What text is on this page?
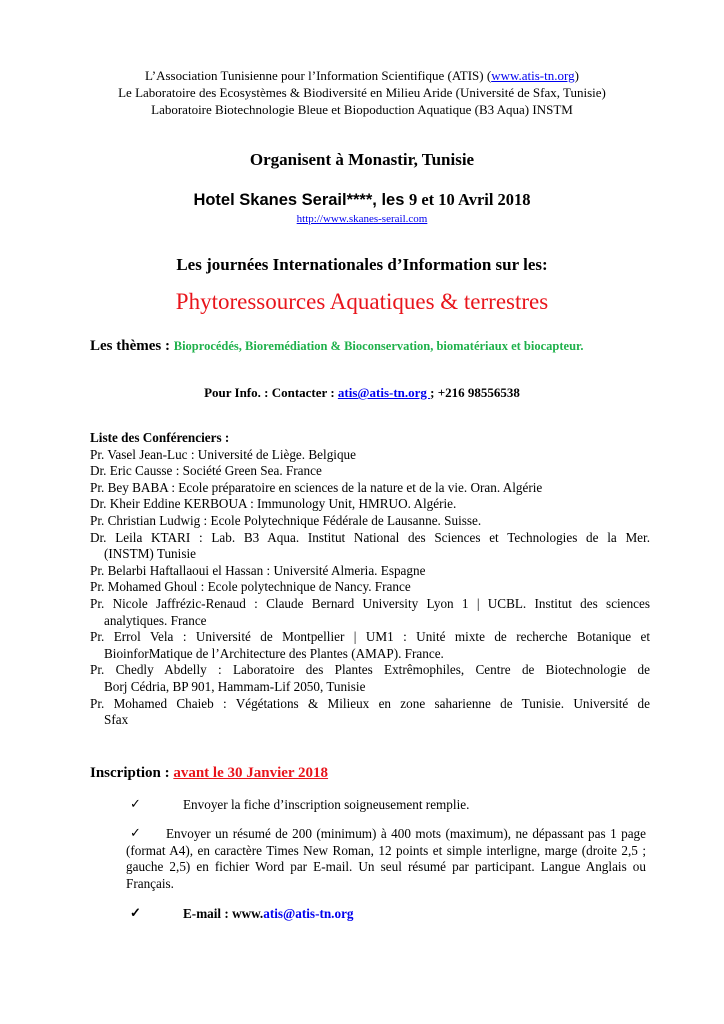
L’Association Tunisienne pour l’Information Scientifique (ATIS) (www.atis-tn.org)
Le Laboratoire des Ecosystèmes & Biodiversité en Milieu Aride (Université de Sfax, Tunisie)
Laboratoire Biotechnologie Bleue et Biopoduction Aquatique (B3 Aqua) INSTM
Organisent à Monastir, Tunisie
Hotel Skanes Serail****, les 9 et 10 Avril 2018
http://www.skanes-serail.com
Les journées Internationales d’Information sur les:
Phytoressources Aquatiques & terrestres
Les thèmes : Bioprocédés, Bioremédiation & Bioconservation, biomatériaux et biocapteur.
Pour Info. : Contacter : atis@atis-tn.org ; +216 98556538
Liste des Conférenciers :
Pr. Vasel Jean-Luc : Université de Liège. Belgique
Dr. Eric Causse : Société Green Sea. France
Pr. Bey BABA : Ecole préparatoire en sciences de la nature et de la vie. Oran. Algérie
Dr. Kheir Eddine KERBOUA : Immunology Unit, HMRUO. Algérie.
Pr. Christian Ludwig : Ecole Polytechnique Fédérale de Lausanne. Suisse.
Dr. Leila KTARI : Lab. B3 Aqua. Institut National des Sciences et Technologies de la Mer.
(INSTM) Tunisie
Pr. Belarbi Haftallaoui el Hassan : Université Almeria. Espagne
Pr. Mohamed Ghoul : Ecole polytechnique de Nancy. France
Pr. Nicole Jaffrézic-Renaud : Claude Bernard University Lyon 1 | UCBL. Institut des sciences
analytiques. France
Pr. Errol Vela : Université de Montpellier | UM1 : Unité mixte de recherche Botanique et
BioinforMatique de l’Architecture des Plantes (AMAP). France.
Pr. Chedly Abdelly : Laboratoire des Plantes Extrêmophiles, Centre de Biotechnologie de
Borj Cédria, BP 901, Hammam-Lif 2050, Tunisie
Pr. Mohamed Chaieb : Végétations & Milieux en zone saharienne de Tunisie. Université de
Sfax
Inscription : avant le 30 Janvier 2018
✓	Envoyer la fiche d’inscription soigneusement remplie.
✓	Envoyer un résumé de 200 (minimum) à 400 mots (maximum), ne dépassant pas 1 page (format A4), en caractère Times New Roman, 12 points et simple interligne, marge (droite 2,5 ; gauche 2,5) en fichier Word par E-mail. Un seul résumé par participant. Langue Anglais ou Français.
✓	E-mail : www.atis@atis-tn.org
